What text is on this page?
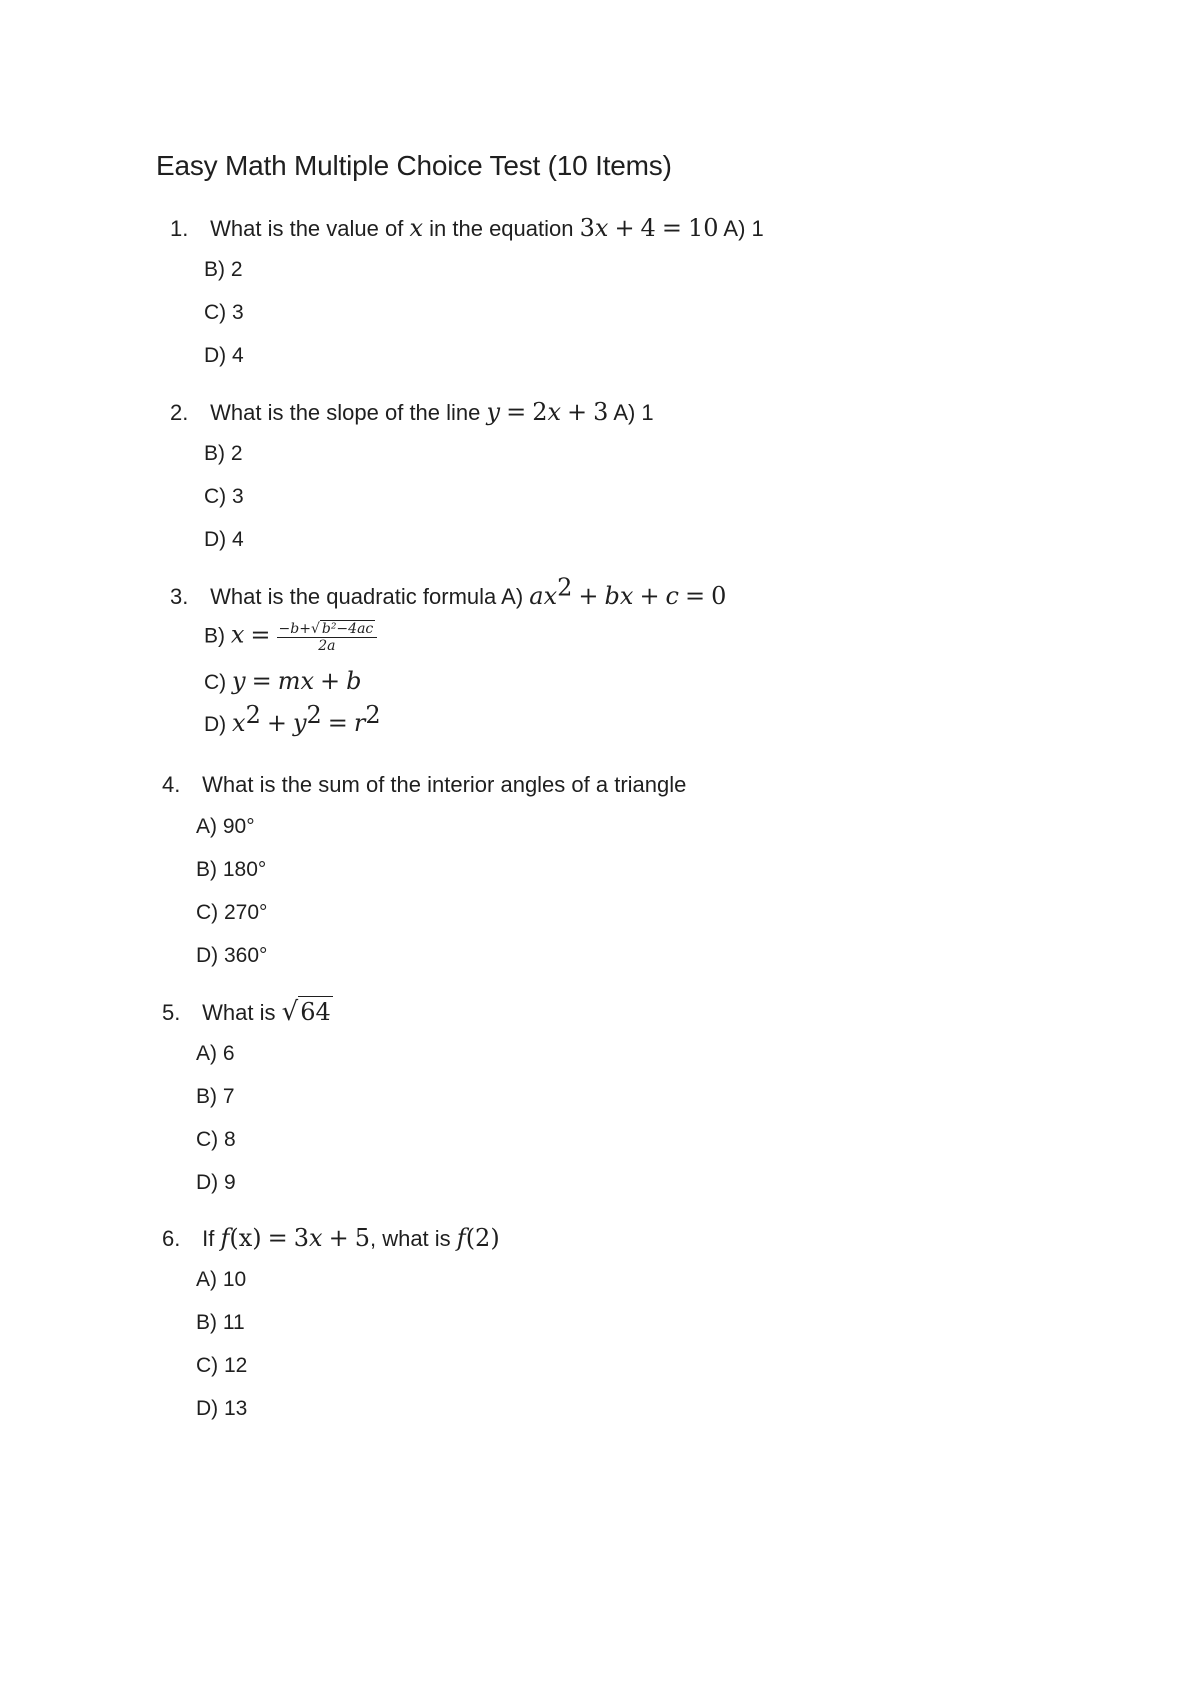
Easy Math Multiple Choice Test (10 Items)
1. What is the value of x in the equation 3x + 4 = 10 A) 1
B) 2
C) 3
D) 4
2. What is the slope of the line y = 2x + 3 A) 1
B) 2
C) 3
D) 4
3. What is the quadratic formula A) $ax^2$ + bx + c = 0
B) $x = \frac{\text{−b+√ b²−4ac}}{2a}$
C) y = mx + b
D) $x^2 + y^2 = r^2$
4. What is the sum of the interior angles of a triangle
A) 90°
B) 180°
C) 270°
D) 360°
5. What is √64
A) 6
B) 7
C) 8
D) 9
6. If f(x) = 3x + 5, what is f(2)
A) 10
B) 11
C) 12
D) 13
